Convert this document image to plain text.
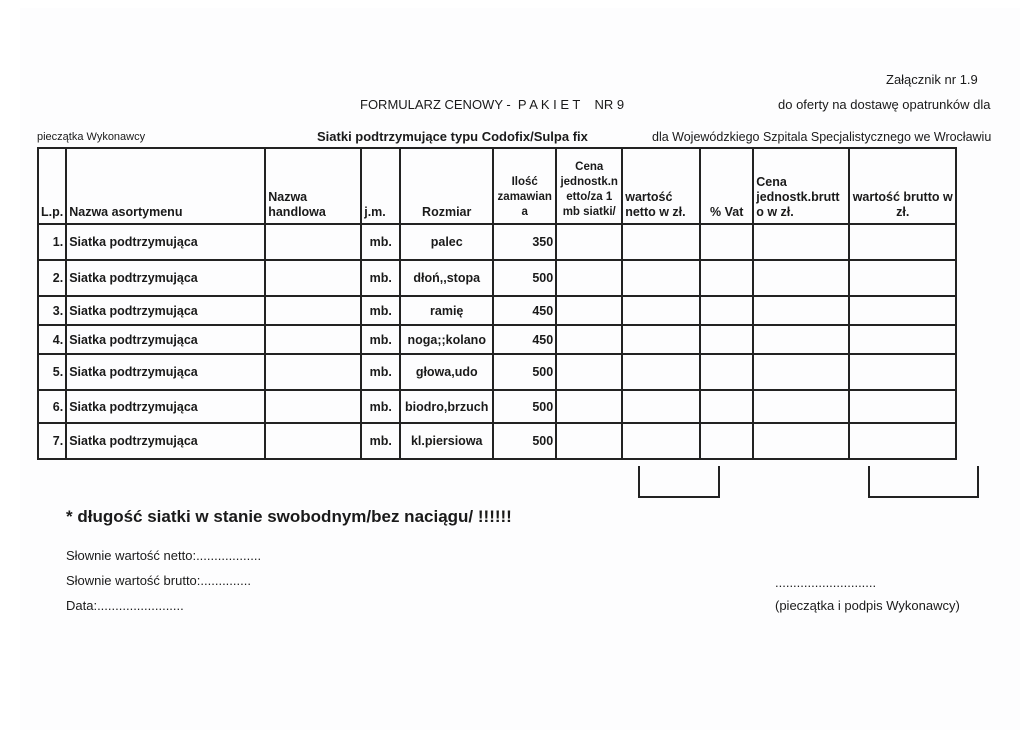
Załącznik nr 1.9
FORMULARZ CENOWY -  P A K I E T    NR 9	do oferty na dostawę opatrunków dla
pieczątka Wykonawcy	Siatki podtrzymujące typu Codofix/Sulpa fix	dla Wojewódzkiego Szpitala Specjalistycznego we Wrocławiu
L.p.	Nazwa asortymenu	Nazwa
handlowa	j.m.	Rozmiar	Ilość
zamawian
a	Cena
jednostk.n
etto/za 1
mb siatki/	wartość
netto w zł.	% Vat	Cena
jednostk.brutt
o w zł.	wartość brutto w
zł.
1.	Siatka podtrzymująca		mb.	palec	350					
2.	Siatka podtrzymująca		mb.	dłoń,,stopa	500					
3.	Siatka podtrzymująca		mb.	ramię	450					
4.	Siatka podtrzymująca		mb.	noga;;kolano	450					
5.	Siatka podtrzymująca		mb.	głowa,udo	500					
6.	Siatka podtrzymująca		mb.	biodro,brzuch	500					
7.	Siatka podtrzymująca		mb.	kl.piersiowa	500					
* długość siatki w stanie swobodnym/bez naciągu/ !!!!!!
Słownie wartość netto:..................
Słownie wartość brutto:..............
Data:........................
............................
(pieczątka i podpis Wykonawcy)
